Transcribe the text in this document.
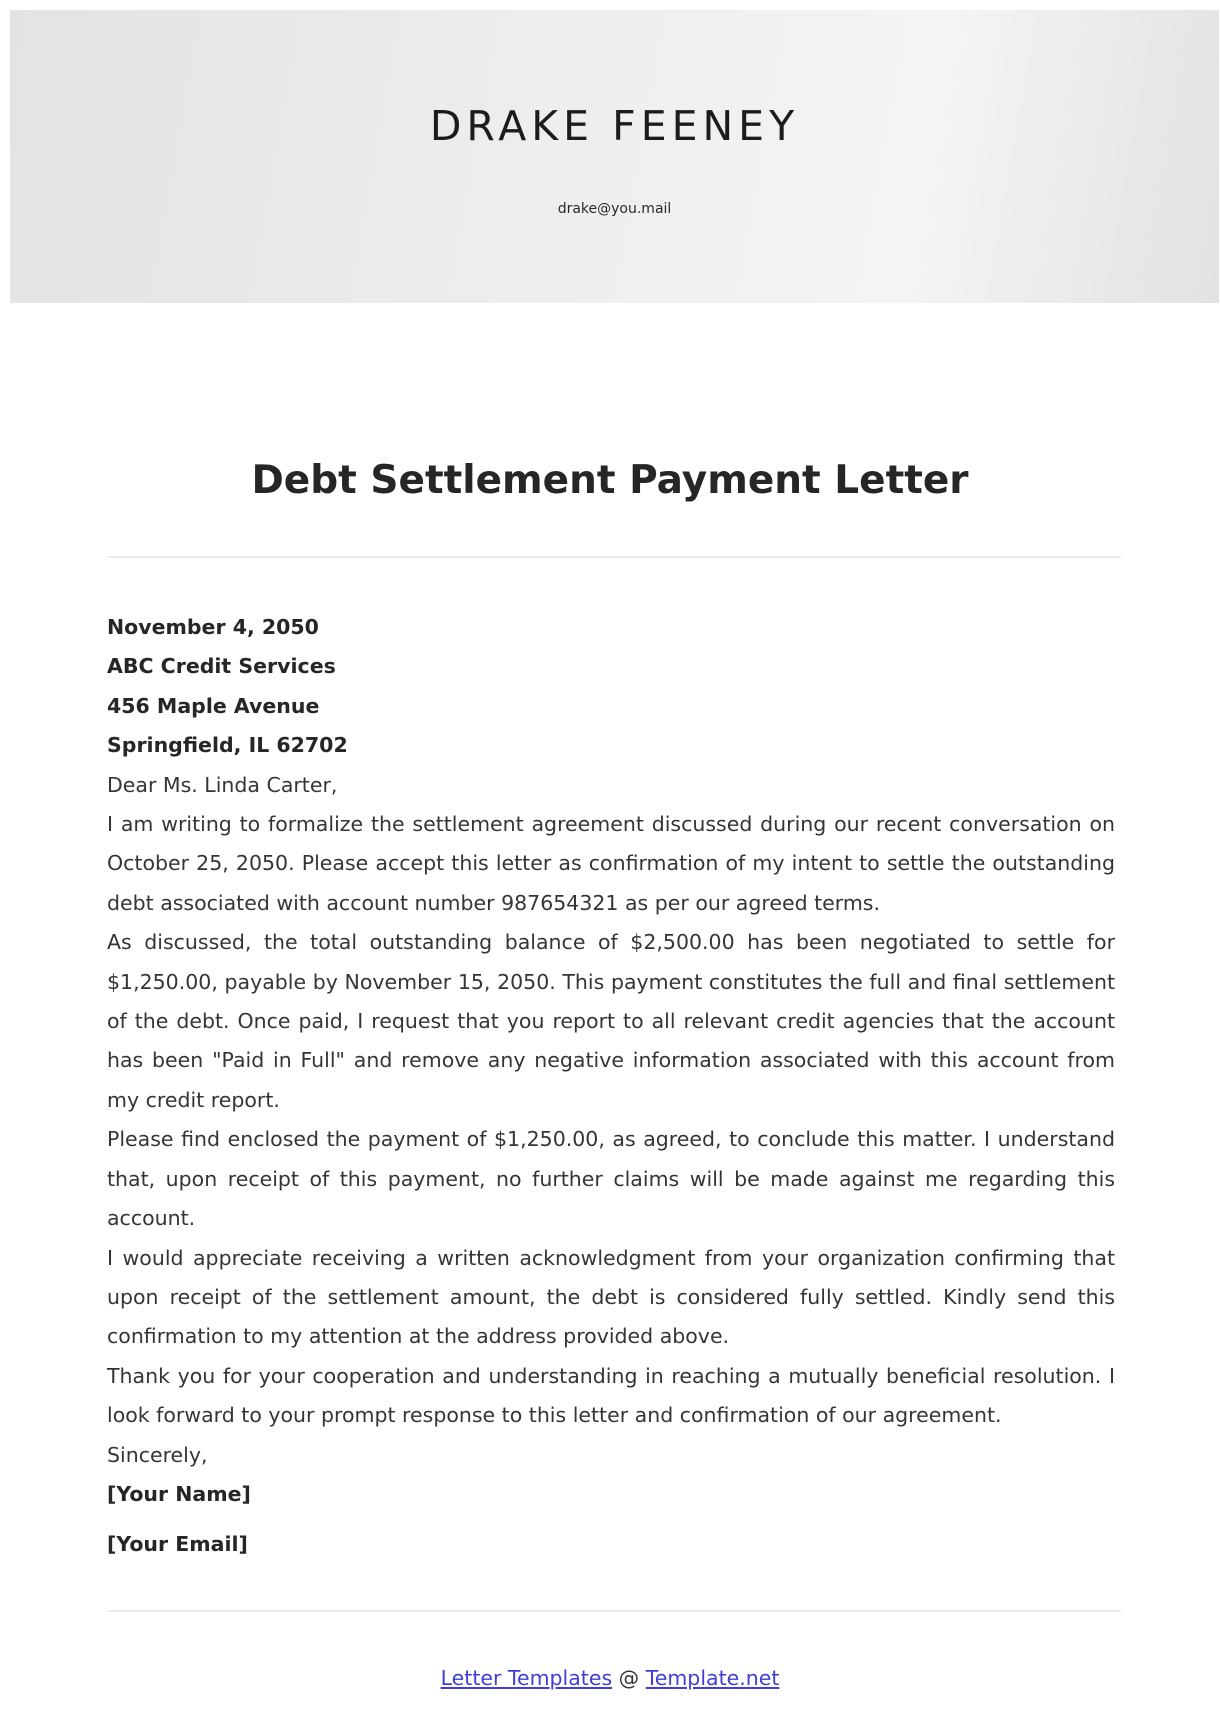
DRAKE FEENEY
drake@you.mail
Debt Settlement Payment Letter

November 4, 2050

ABC Credit Services

456 Maple Avenue

Springfield, IL 62702

Dear Ms. Linda Carter,

I am writing to formalize the settlement agreement discussed during our recent conversation on October 25, 2050. Please accept this letter as confirmation of my intent to settle the outstanding debt associated with account number 987654321 as per our agreed terms.

As discussed, the total outstanding balance of $2,500.00 has been negotiated to settle for $1,250.00, payable by November 15, 2050. This payment constitutes the full and final settlement of the debt. Once paid, I request that you report to all relevant credit agencies that the account has been "Paid in Full" and remove any negative information associated with this account from my credit report.

Please find enclosed the payment of $1,250.00, as agreed, to conclude this matter. I understand that, upon receipt of this payment, no further claims will be made against me regarding this account.

I would appreciate receiving a written acknowledgment from your organization confirming that upon receipt of the settlement amount, the debt is considered fully settled. Kindly send this confirmation to my attention at the address provided above.

Thank you for your cooperation and understanding in reaching a mutually beneficial resolution. I look forward to your prompt response to this letter and confirmation of our agreement.

Sincerely,

[Your Name]

[Your Email]

Letter Templates @ Template.net
